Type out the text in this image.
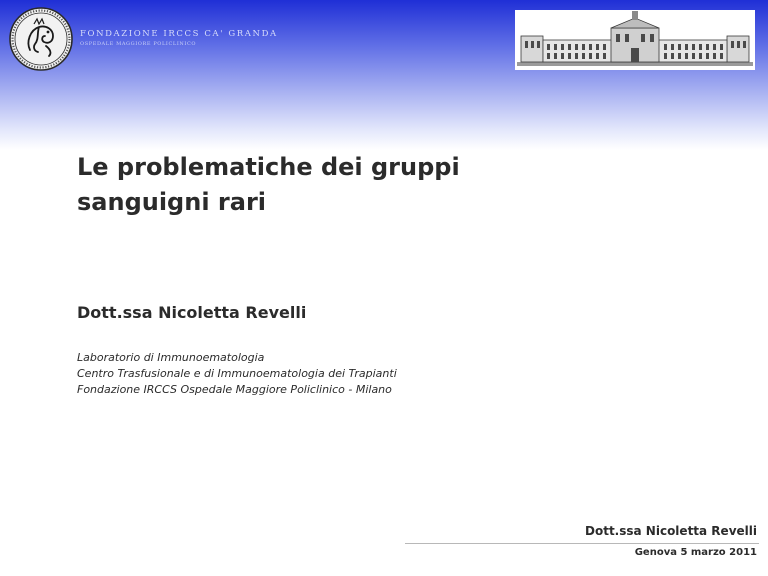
FONDAZIONE IRCCS CA' GRANDA
OSPEDALE MAGGIORE POLICLINICO
Le problematiche dei gruppi
sanguigni rari
Dott.ssa Nicoletta Revelli
Laboratorio di Immunoematologia
Centro Trasfusionale e di Immunoematologia dei Trapianti
Fondazione IRCCS Ospedale Maggiore Policlinico - Milano
Dott.ssa Nicoletta Revelli
Genova 5 marzo 2011
